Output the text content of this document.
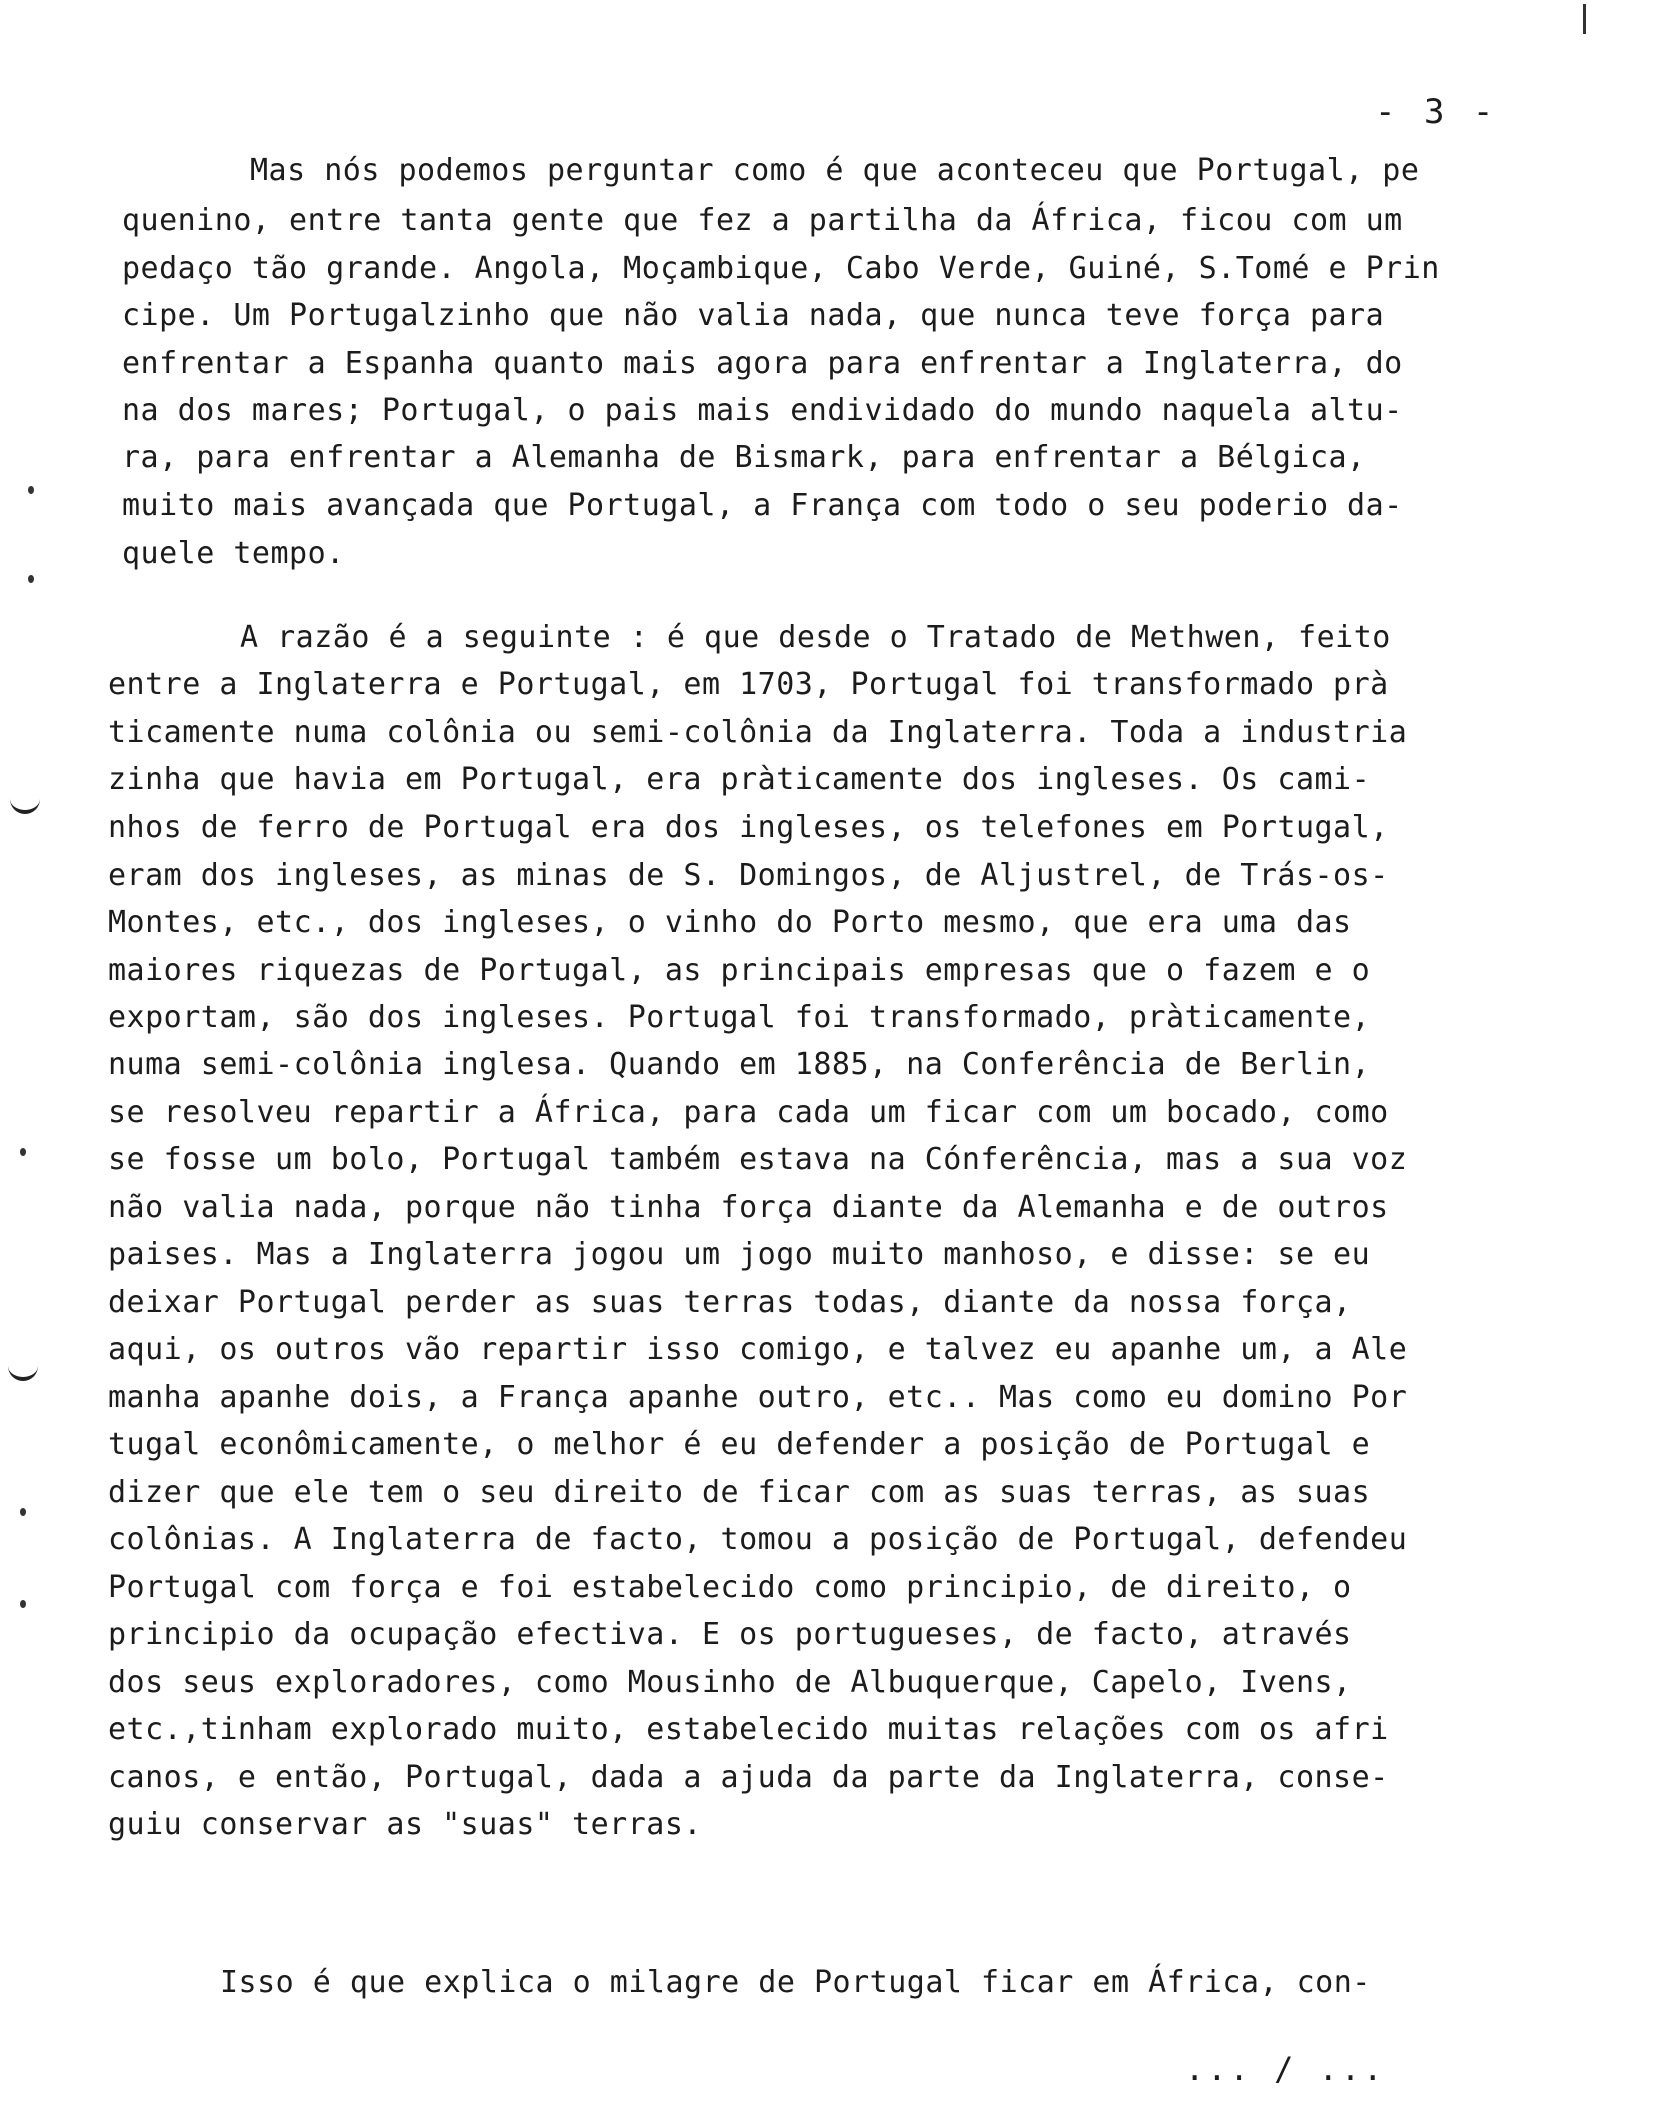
- 3 -

Mas nós podemos perguntar como é que aconteceu que Portugal, pe
quenino, entre tanta gente que fez a partilha da África, ficou com um
pedaço tão grande. Angola, Moçambique, Cabo Verde, Guiné, S.Tomé e Prin
cipe. Um Portugalzinho que não valia nada, que nunca teve força para
enfrentar a Espanha quanto mais agora para enfrentar a Inglaterra, do
na dos mares; Portugal, o pais mais endividado do mundo naquela altu-
ra, para enfrentar a Alemanha de Bismark, para enfrentar a Bélgica,
muito mais avançada que Portugal, a França com todo o seu poderio da-
quele tempo.
A razão é a seguinte : é que desde o Tratado de Methwen, feito
entre a Inglaterra e Portugal, em 1703, Portugal foi transformado prà
ticamente numa colônia ou semi-colônia da Inglaterra. Toda a industria
zinha que havia em Portugal, era pràticamente dos ingleses. Os cami-
nhos de ferro de Portugal era dos ingleses, os telefones em Portugal,
eram dos ingleses, as minas de S. Domingos, de Aljustrel, de Trás-os-
Montes, etc., dos ingleses, o vinho do Porto mesmo, que era uma das
maiores riquezas de Portugal, as principais empresas que o fazem e o
exportam, são dos ingleses. Portugal foi transformado, pràticamente,
numa semi-colônia inglesa. Quando em 1885, na Conferência de Berlin,
se resolveu repartir a África, para cada um ficar com um bocado, como
se fosse um bolo, Portugal também estava na Cónferência, mas a sua voz
não valia nada, porque não tinha força diante da Alemanha e de outros
paises. Mas a Inglaterra jogou um jogo muito manhoso, e disse: se eu
deixar Portugal perder as suas terras todas, diante da nossa força,
aqui, os outros vão repartir isso comigo, e talvez eu apanhe um, a Ale
manha apanhe dois, a França apanhe outro, etc.. Mas como eu domino Por
tugal econômicamente, o melhor é eu defender a posição de Portugal e
dizer que ele tem o seu direito de ficar com as suas terras, as suas
colônias. A Inglaterra de facto, tomou a posição de Portugal, defendeu
Portugal com força e foi estabelecido como principio, de direito, o
principio da ocupação efectiva. E os portugueses, de facto, através
dos seus exploradores, como Mousinho de Albuquerque, Capelo, Ivens,
etc.,tinham explorado muito, estabelecido muitas relações com os afri
canos, e então, Portugal, dada a ajuda da parte da Inglaterra, conse-
guiu conservar as "suas" terras.
Isso é que explica o milagre de Portugal ficar em África, con-

... / ...
